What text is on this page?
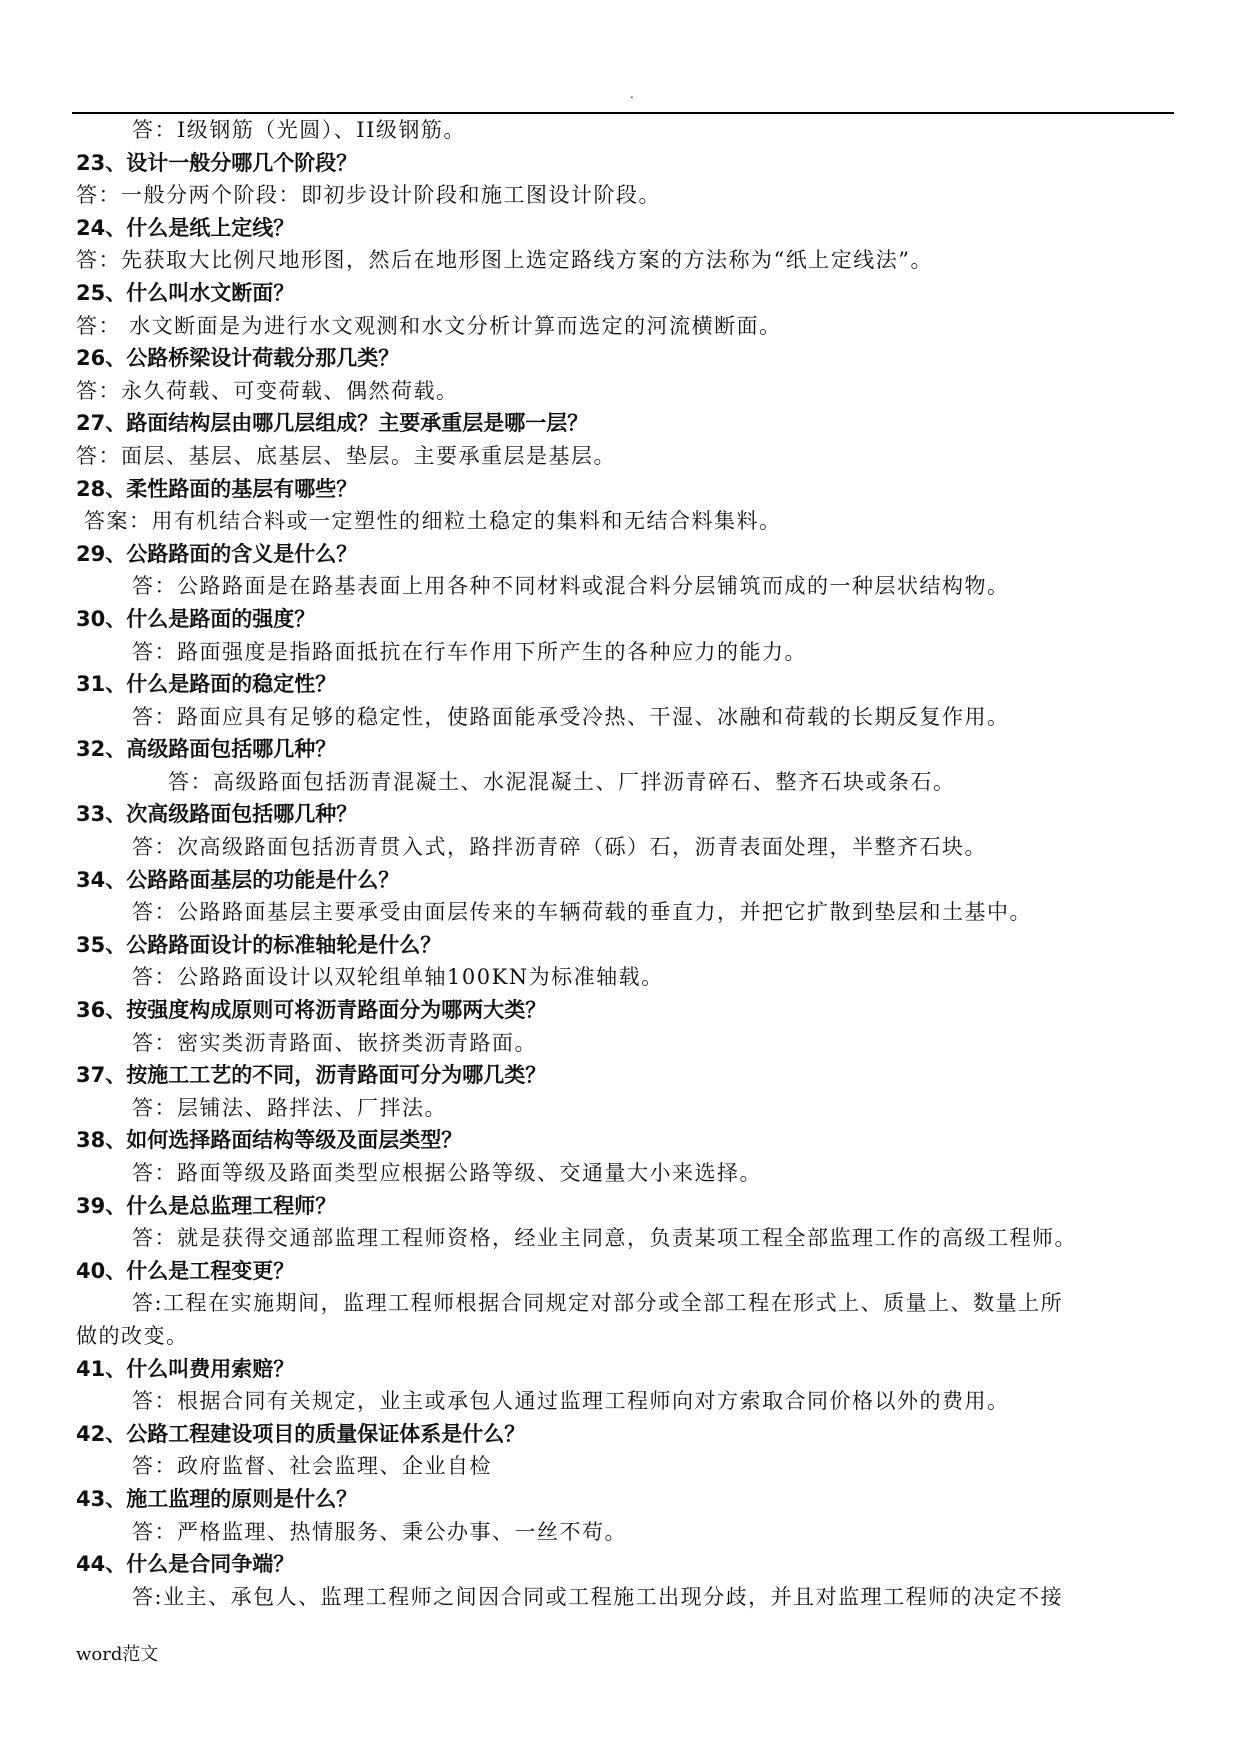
.
答：I级钢筋（光圆）、II级钢筋。
23、设计一般分哪几个阶段？
答：一般分两个阶段：即初步设计阶段和施工图设计阶段。
24、什么是纸上定线？
答：先获取大比例尺地形图，然后在地形图上选定路线方案的方法称为“纸上定线法”。
25、什么叫水文断面？
答： 水文断面是为进行水文观测和水文分析计算而选定的河流横断面。
26、公路桥梁设计荷载分那几类？
答：永久荷载、可变荷载、偶然荷载。
27、路面结构层由哪几层组成？主要承重层是哪一层？
答：面层、基层、底基层、垫层。主要承重层是基层。
28、柔性路面的基层有哪些？
答案：用有机结合料或一定塑性的细粒土稳定的集料和无结合料集料。
29、公路路面的含义是什么？
答：公路路面是在路基表面上用各种不同材料或混合料分层铺筑而成的一种层状结构物。
30、什么是路面的强度？
答：路面强度是指路面抵抗在行车作用下所产生的各种应力的能力。
31、什么是路面的稳定性？
答：路面应具有足够的稳定性，使路面能承受冷热、干湿、冰融和荷载的长期反复作用。
32、高级路面包括哪几种？
答：高级路面包括沥青混凝土、水泥混凝土、厂拌沥青碎石、整齐石块或条石。
33、次高级路面包括哪几种？
答：次高级路面包括沥青贯入式，路拌沥青碎（砾）石，沥青表面处理，半整齐石块。
34、公路路面基层的功能是什么？
答：公路路面基层主要承受由面层传来的车辆荷载的垂直力，并把它扩散到垫层和土基中。
35、公路路面设计的标准轴轮是什么？
答：公路路面设计以双轮组单轴100KN为标准轴载。
36、按强度构成原则可将沥青路面分为哪两大类？
答：密实类沥青路面、嵌挤类沥青路面。
37、按施工工艺的不同，沥青路面可分为哪几类？
答：层铺法、路拌法、厂拌法。
38、如何选择路面结构等级及面层类型？
答：路面等级及路面类型应根据公路等级、交通量大小来选择。
39、什么是总监理工程师？
答：就是获得交通部监理工程师资格，经业主同意，负责某项工程全部监理工作的高级工程师。
40、什么是工程变更？
答:工程在实施期间，监理工程师根据合同规定对部分或全部工程在形式上、质量上、数量上所
做的改变。
41、什么叫费用索赔？
答：根据合同有关规定，业主或承包人通过监理工程师向对方索取合同价格以外的费用。
42、公路工程建设项目的质量保证体系是什么？
答：政府监督、社会监理、企业自检
43、施工监理的原则是什么？
答：严格监理、热情服务、秉公办事、一丝不苟。
44、什么是合同争端？
答:业主、承包人、监理工程师之间因合同或工程施工出现分歧，并且对监理工程师的决定不接
word范文
